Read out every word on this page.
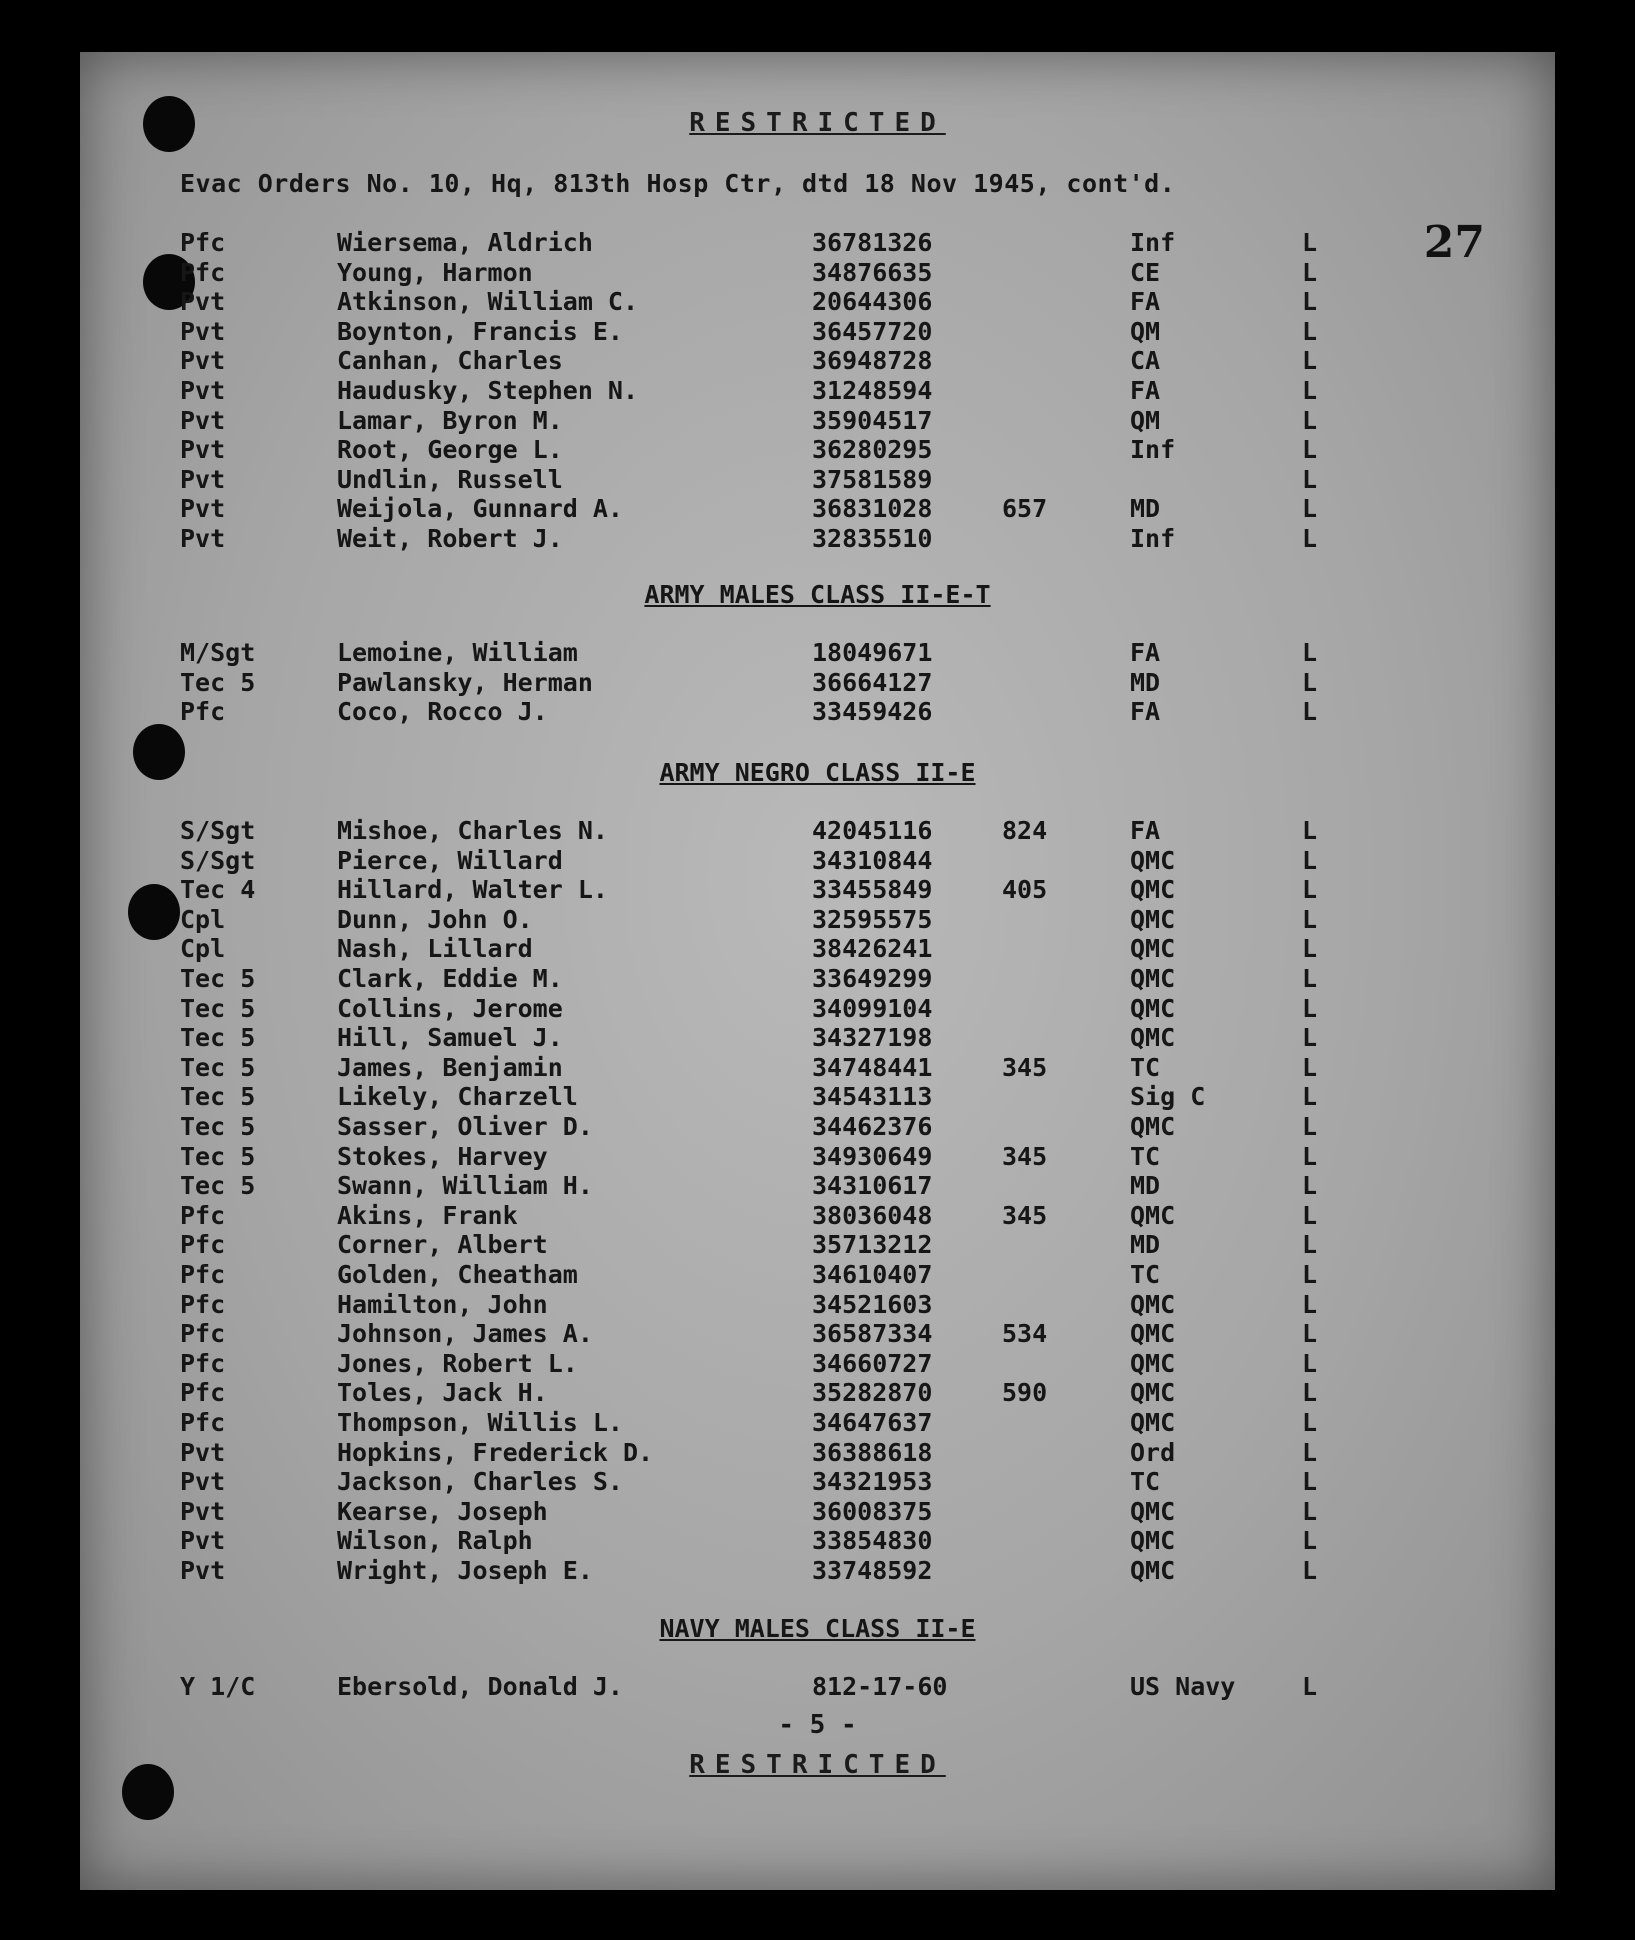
RESTRICTED
Evac Orders No. 10, Hq, 813th Hosp Ctr, dtd 18 Nov 1945, cont'd.
27
Pfc	Wiersema, Aldrich	36781326	Inf	L
Pfc	Young, Harmon	34876635	CE	L
Pvt	Atkinson, William C.	20644306	FA	L
Pvt	Boynton, Francis E.	36457720	QM	L
Pvt	Canhan, Charles	36948728	CA	L
Pvt	Haudusky, Stephen N.	31248594	FA	L
Pvt	Lamar, Byron M.	35904517	QM	L
Pvt	Root, George L.	36280295	Inf	L
Pvt	Undlin, Russell	37581589	L
Pvt	Weijola, Gunnard A.	36831028	657	MD	L
Pvt	Weit, Robert J.	32835510	Inf	L
ARMY MALES CLASS II-E-T
M/Sgt	Lemoine, William	18049671	FA	L
Tec 5	Pawlansky, Herman	36664127	MD	L
Pfc	Coco, Rocco J.	33459426	FA	L
ARMY NEGRO CLASS II-E
S/Sgt	Mishoe, Charles N.	42045116	824	FA	L
S/Sgt	Pierce, Willard	34310844	QMC	L
Tec 4	Hillard, Walter L.	33455849	405	QMC	L
Cpl	Dunn, John O.	32595575	QMC	L
Cpl	Nash, Lillard	38426241	QMC	L
Tec 5	Clark, Eddie M.	33649299	QMC	L
Tec 5	Collins, Jerome	34099104	QMC	L
Tec 5	Hill, Samuel J.	34327198	QMC	L
Tec 5	James, Benjamin	34748441	345	TC	L
Tec 5	Likely, Charzell	34543113	Sig C	L
Tec 5	Sasser, Oliver D.	34462376	QMC	L
Tec 5	Stokes, Harvey	34930649	345	TC	L
Tec 5	Swann, William H.	34310617	MD	L
Pfc	Akins, Frank	38036048	345	QMC	L
Pfc	Corner, Albert	35713212	MD	L
Pfc	Golden, Cheatham	34610407	TC	L
Pfc	Hamilton, John	34521603	QMC	L
Pfc	Johnson, James A.	36587334	534	QMC	L
Pfc	Jones, Robert L.	34660727	QMC	L
Pfc	Toles, Jack H.	35282870	590	QMC	L
Pfc	Thompson, Willis L.	34647637	QMC	L
Pvt	Hopkins, Frederick D.	36388618	Ord	L
Pvt	Jackson, Charles S.	34321953	TC	L
Pvt	Kearse, Joseph	36008375	QMC	L
Pvt	Wilson, Ralph	33854830	QMC	L
Pvt	Wright, Joseph E.	33748592	QMC	L
NAVY MALES CLASS II-E
Y 1/C	Ebersold, Donald J.	812-17-60	US Navy	L
- 5 -
RESTRICTED
